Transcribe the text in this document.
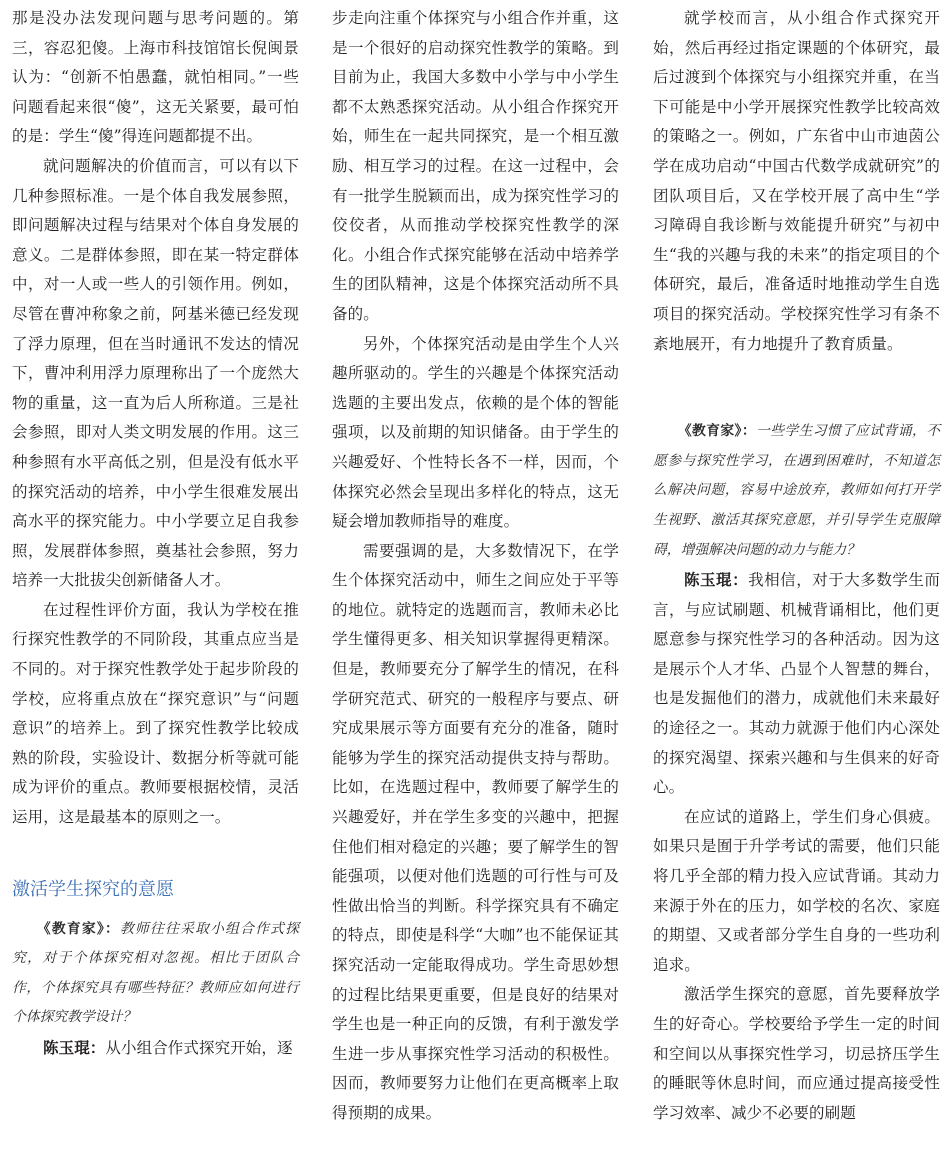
那是没办法发现问题与思考问题的。第三，容忍犯傻。上海市科技馆馆长倪闽景认为：“创新不怕愚蠢，就怕相同。”一些问题看起来很“傻”，这无关紧要，最可怕的是：学生“傻”得连问题都提不出。

就问题解决的价值而言，可以有以下几种参照标准。一是个体自我发展参照，即问题解决过程与结果对个体自身发展的意义。二是群体参照，即在某一特定群体中，对一人或一些人的引领作用。例如，尽管在曹冲称象之前，阿基米德已经发现了浮力原理，但在当时通讯不发达的情况下，曹冲利用浮力原理称出了一个庞然大物的重量，这一直为后人所称道。三是社会参照，即对人类文明发展的作用。这三种参照有水平高低之别，但是没有低水平的探究活动的培养，中小学生很难发展出高水平的探究能力。中小学要立足自我参照，发展群体参照，奠基社会参照，努力培养一大批拔尖创新储备人才。

在过程性评价方面，我认为学校在推行探究性教学的不同阶段，其重点应当是不同的。对于探究性教学处于起步阶段的学校，应将重点放在“探究意识”与“问题意识”的培养上。到了探究性教学比较成熟的阶段，实验设计、数据分析等就可能成为评价的重点。教师要根据校情，灵活运用，这是最基本的原则之一。

激活学生探究的意愿

《教育家》：教师往往采取小组合作式探究，对于个体探究相对忽视。相比于团队合作，个体探究具有哪些特征？教师应如何进行个体探究教学设计？

陈玉琨：从小组合作式探究开始，逐

步走向注重个体探究与小组合作并重，这是一个很好的启动探究性教学的策略。到目前为止，我国大多数中小学与中小学生都不太熟悉探究活动。从小组合作探究开始，师生在一起共同探究，是一个相互激励、相互学习的过程。在这一过程中，会有一批学生脱颖而出，成为探究性学习的佼佼者，从而推动学校探究性教学的深化。小组合作式探究能够在活动中培养学生的团队精神，这是个体探究活动所不具备的。

另外，个体探究活动是由学生个人兴趣所驱动的。学生的兴趣是个体探究活动选题的主要出发点，依赖的是个体的智能强项，以及前期的知识储备。由于学生的兴趣爱好、个性特长各不一样，因而，个体探究必然会呈现出多样化的特点，这无疑会增加教师指导的难度。

需要强调的是，大多数情况下，在学生个体探究活动中，师生之间应处于平等的地位。就特定的选题而言，教师未必比学生懂得更多、相关知识掌握得更精深。但是，教师要充分了解学生的情况，在科学研究范式、研究的一般程序与要点、研究成果展示等方面要有充分的准备，随时能够为学生的探究活动提供支持与帮助。比如，在选题过程中，教师要了解学生的兴趣爱好，并在学生多变的兴趣中，把握住他们相对稳定的兴趣；要了解学生的智能强项，以便对他们选题的可行性与可及性做出恰当的判断。科学探究具有不确定的特点，即使是科学“大咖”也不能保证其探究活动一定能取得成功。学生奇思妙想的过程比结果更重要，但是良好的结果对学生也是一种正向的反馈，有利于激发学生进一步从事探究性学习活动的积极性。因而，教师要努力让他们在更高概率上取得预期的成果。

就学校而言，从小组合作式探究开始，然后再经过指定课题的个体研究，最后过渡到个体探究与小组探究并重，在当下可能是中小学开展探究性教学比较高效的策略之一。例如，广东省中山市迪茵公学在成功启动“中国古代数学成就研究”的团队项目后，又在学校开展了高中生“学习障碍自我诊断与效能提升研究”与初中生“我的兴趣与我的未来”的指定项目的个体研究，最后，准备适时地推动学生自选项目的探究活动。学校探究性学习有条不紊地展开，有力地提升了教育质量。

《教育家》：一些学生习惯了应试背诵，不愿参与探究性学习，在遇到困难时，不知道怎么解决问题，容易中途放弃，教师如何打开学生视野、激活其探究意愿，并引导学生克服障碍，增强解决问题的动力与能力？

陈玉琨：我相信，对于大多数学生而言，与应试刷题、机械背诵相比，他们更愿意参与探究性学习的各种活动。因为这是展示个人才华、凸显个人智慧的舞台，也是发掘他们的潜力，成就他们未来最好的途径之一。其动力就源于他们内心深处的探究渴望、探索兴趣和与生俱来的好奇心。

在应试的道路上，学生们身心俱疲。如果只是囿于升学考试的需要，他们只能将几乎全部的精力投入应试背诵。其动力来源于外在的压力，如学校的名次、家庭的期望、又或者部分学生自身的一些功利追求。

激活学生探究的意愿，首先要释放学生的好奇心。学校要给予学生一定的时间和空间以从事探究性学习，切忌挤压学生的睡眠等休息时间，而应通过提高接受性学习效率、减少不必要的刷题
